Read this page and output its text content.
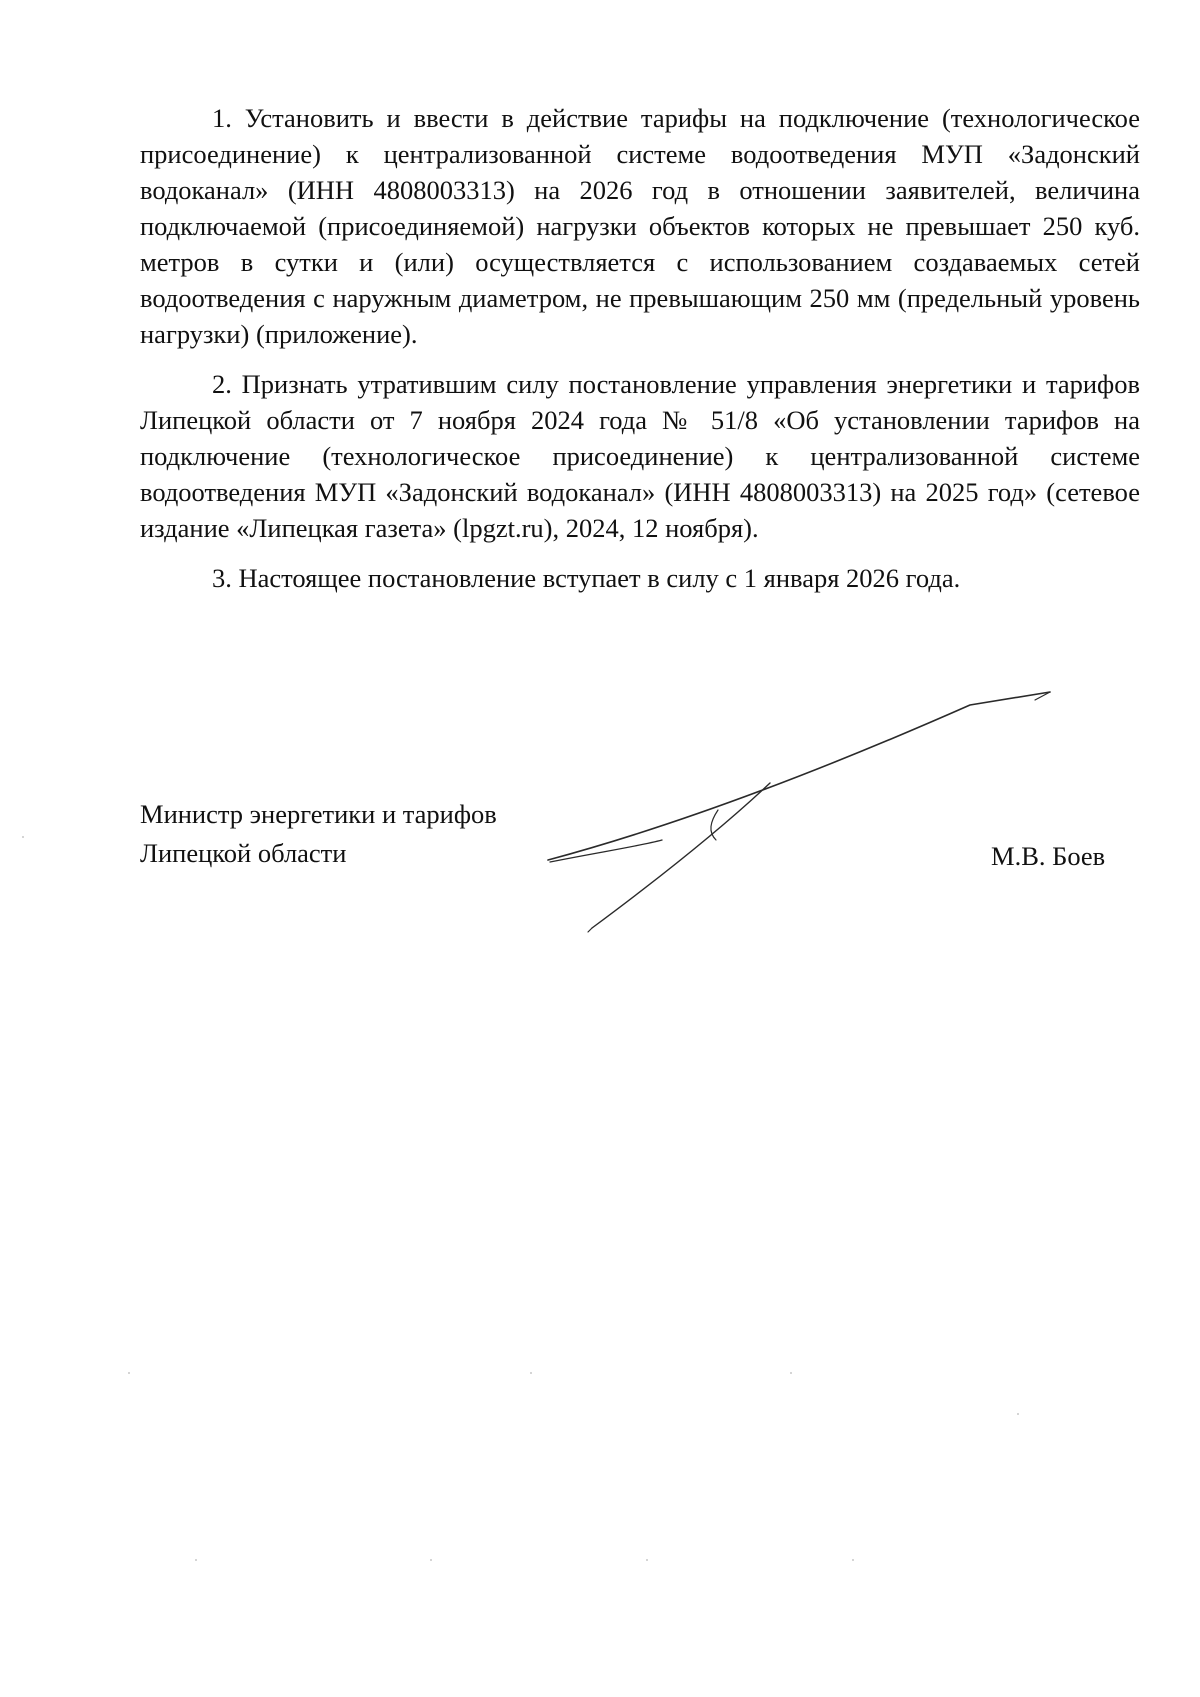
1. Установить и ввести в действие тарифы на подключение (технологическое присоединение) к централизованной системе водоотведения МУП «Задонский водоканал» (ИНН 4808003313) на 2026 год в отношении заявителей, величина подключаемой (присоединяемой) нагрузки объектов которых не превышает 250 куб. метров в сутки и (или) осуществляется с использованием создаваемых сетей водоотведения с наружным диаметром, не превышающим 250 мм (предельный уровень нагрузки) (приложение).

2. Признать утратившим силу постановление управления энергетики и тарифов Липецкой области от 7 ноября 2024 года № 51/8 «Об установлении тарифов на подключение (технологическое присоединение) к централизованной системе водоотведения МУП «Задонский водоканал» (ИНН 4808003313) на 2025 год» (сетевое издание «Липецкая газета» (lpgzt.ru), 2024, 12 ноября).

3. Настоящее постановление вступает в силу с 1 января 2026 года.

Министр энергетики и тарифов
Липецкой области	М.В. Боев
